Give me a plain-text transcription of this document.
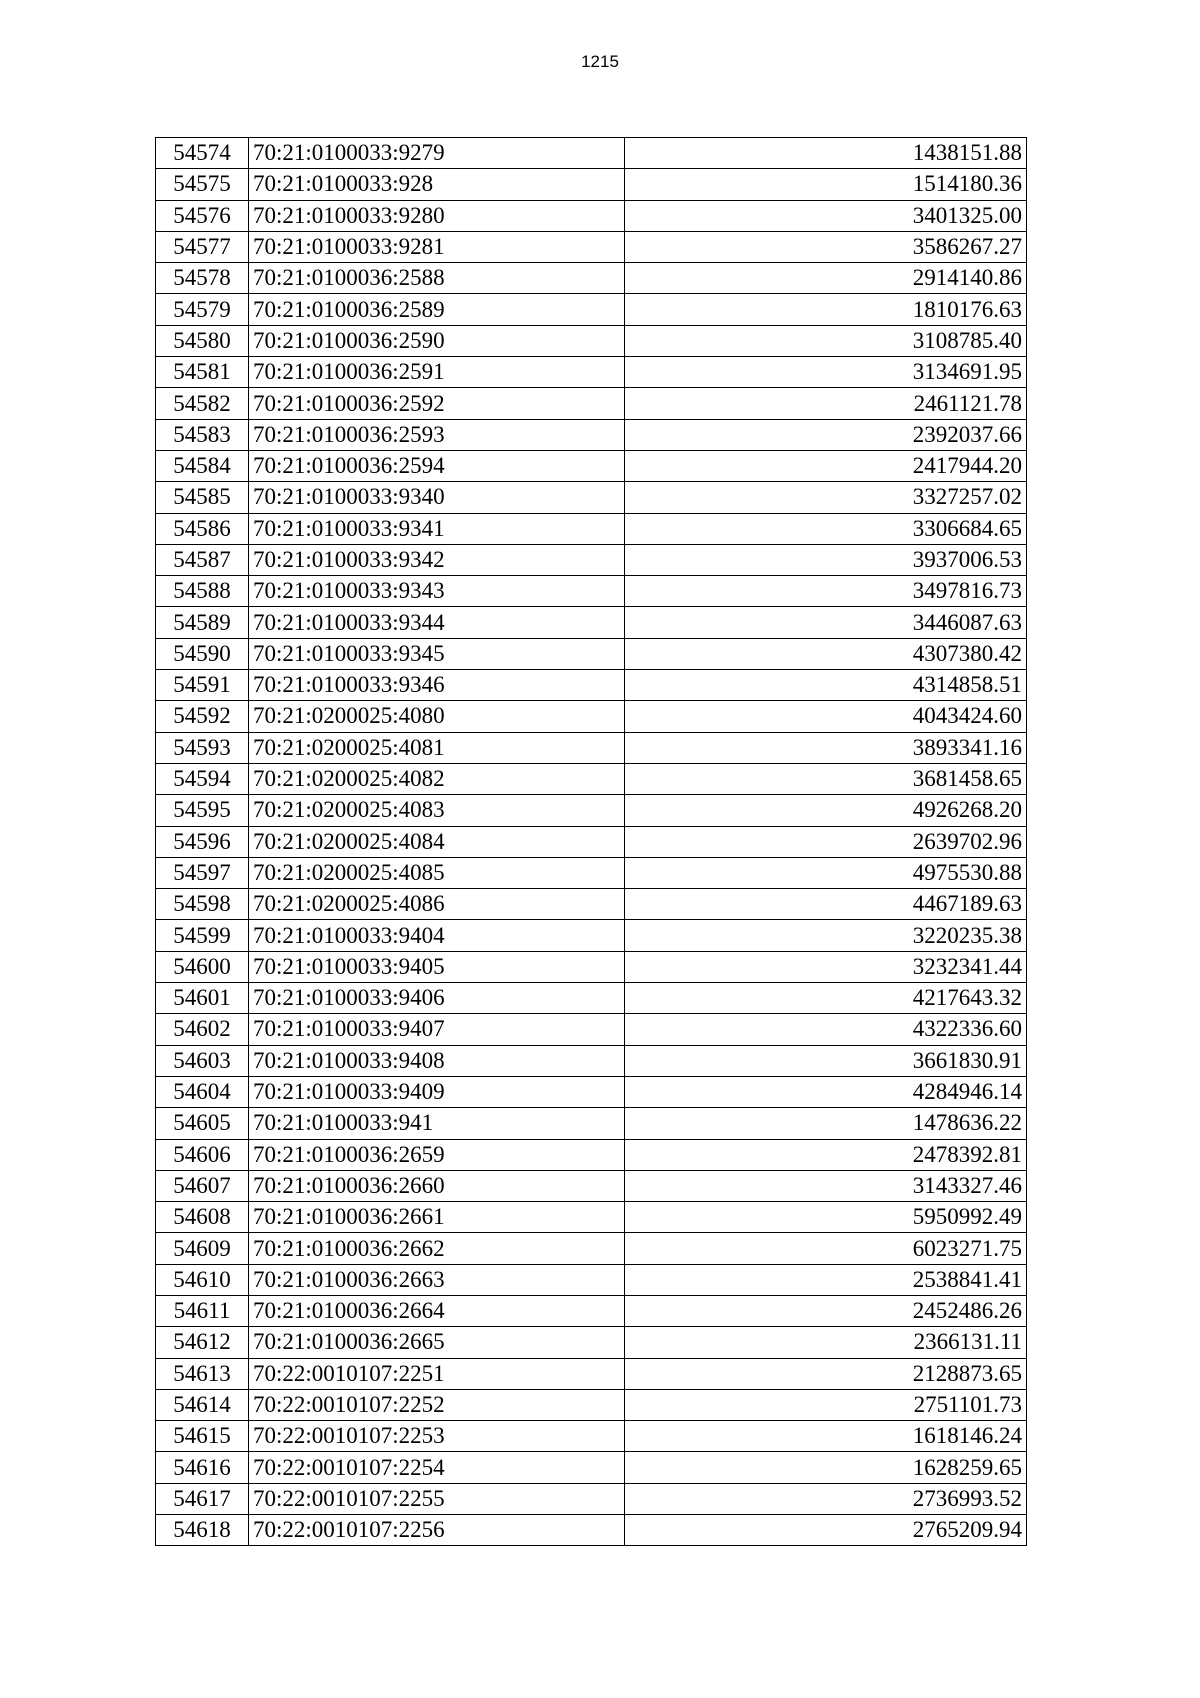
1215
54574	70:21:0100033:9279	1438151.88
54575	70:21:0100033:928	1514180.36
54576	70:21:0100033:9280	3401325.00
54577	70:21:0100033:9281	3586267.27
54578	70:21:0100036:2588	2914140.86
54579	70:21:0100036:2589	1810176.63
54580	70:21:0100036:2590	3108785.40
54581	70:21:0100036:2591	3134691.95
54582	70:21:0100036:2592	2461121.78
54583	70:21:0100036:2593	2392037.66
54584	70:21:0100036:2594	2417944.20
54585	70:21:0100033:9340	3327257.02
54586	70:21:0100033:9341	3306684.65
54587	70:21:0100033:9342	3937006.53
54588	70:21:0100033:9343	3497816.73
54589	70:21:0100033:9344	3446087.63
54590	70:21:0100033:9345	4307380.42
54591	70:21:0100033:9346	4314858.51
54592	70:21:0200025:4080	4043424.60
54593	70:21:0200025:4081	3893341.16
54594	70:21:0200025:4082	3681458.65
54595	70:21:0200025:4083	4926268.20
54596	70:21:0200025:4084	2639702.96
54597	70:21:0200025:4085	4975530.88
54598	70:21:0200025:4086	4467189.63
54599	70:21:0100033:9404	3220235.38
54600	70:21:0100033:9405	3232341.44
54601	70:21:0100033:9406	4217643.32
54602	70:21:0100033:9407	4322336.60
54603	70:21:0100033:9408	3661830.91
54604	70:21:0100033:9409	4284946.14
54605	70:21:0100033:941	1478636.22
54606	70:21:0100036:2659	2478392.81
54607	70:21:0100036:2660	3143327.46
54608	70:21:0100036:2661	5950992.49
54609	70:21:0100036:2662	6023271.75
54610	70:21:0100036:2663	2538841.41
54611	70:21:0100036:2664	2452486.26
54612	70:21:0100036:2665	2366131.11
54613	70:22:0010107:2251	2128873.65
54614	70:22:0010107:2252	2751101.73
54615	70:22:0010107:2253	1618146.24
54616	70:22:0010107:2254	1628259.65
54617	70:22:0010107:2255	2736993.52
54618	70:22:0010107:2256	2765209.94
